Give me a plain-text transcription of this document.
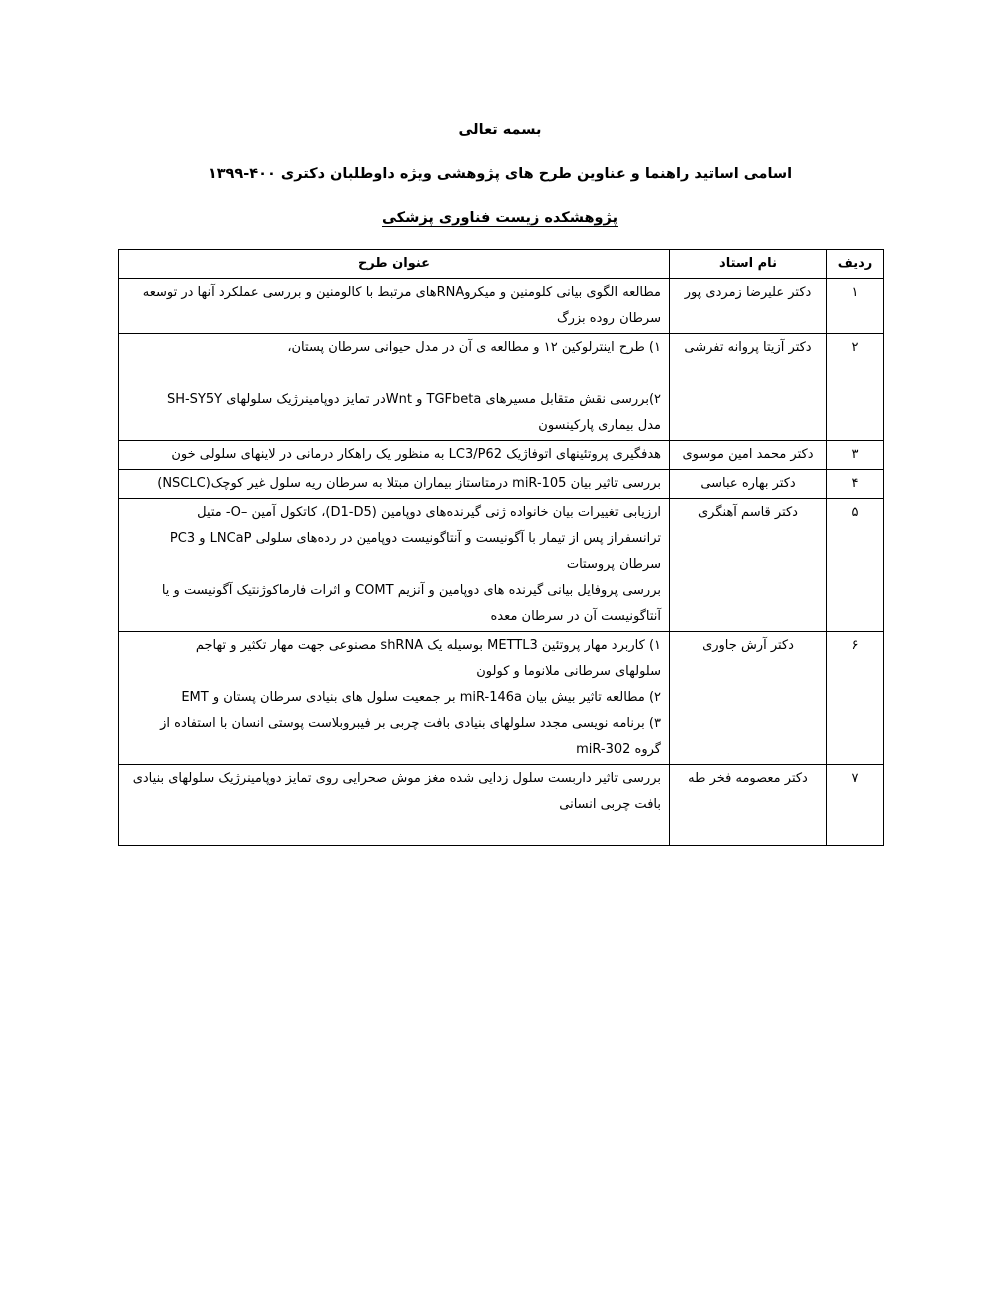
بسمه تعالی
اسامی اساتید راهنما و عناوین طرح های پژوهشی ویژه داوطلبان دکتری ۴۰۰-۱۳۹۹
پژوهشکده زیست فناوری پزشکی
ردیف	نام استاد	عنوان طرح
۱	دکتر علیرضا زمردی پور	مطالعه الگوی بیانی کلومنین و میکروRNAهای مرتبط با کالومنین و بررسی عملکرد آنها در توسعه
سرطان روده بزرگ

۲	دکتر آزیتا پروانه تفرشی	۱) طرح اینترلوکین ۱۲ و مطالعه ی آن در مدل حیوانی سرطان پستان،
۲)بررسی نقش متقابل مسیرهای TGFbeta و Wntدر تمایز دوپامینرژیک سلولهای SH-SY5Y
مدل بیماری پارکینسون

۳	دکتر محمد امین موسوی	هدفگیری پروتئینهای اتوفاژیک LC3/P62 به منظور یک راهکار درمانی در لاینهای سلولی خون

۴	دکتر بهاره عباسی	بررسی تاثیر بیان miR-105 درمتاستاز بیماران مبتلا به سرطان ریه سلول غیر کوچک(NSCLC)

۵	دکتر قاسم آهنگری	ارزیابی تغییرات بیان خانواده ژنی گیرنده‌های دوپامین (D1-D5)، کاتکول آمین –O- متیل
ترانسفراز پس از تیمار با آگونیست و آنتاگونیست دوپامین در رده‌های سلولی LNCaP و PC3
سرطان پروستات
بررسی پروفایل بیانی گیرنده های دوپامین و آنزیم COMT و اثرات فارماکوژنتیک آگونیست و یا
آنتاگونیست آن در سرطان معده

۶	دکتر آرش جاوری	۱) کاربرد مهار پروتئین METTL3 بوسیله یک shRNA مصنوعی جهت مهار تکثیر و تهاجم
سلولهای سرطانی ملانوما و کولون
۲) مطالعه تاثیر بیش بیان miR-146a بر جمعیت سلول های بنیادی سرطان پستان و EMT
۳) برنامه نویسی مجدد سلولهای بنیادی بافت چربی بر فیبروبلاست پوستی انسان با استفاده از
گروه miR-302

۷	دکتر معصومه فخر طه	بررسی تاثیر داربست سلول زدایی شده مغز موش صحرایی روی تمایز دوپامینرژیک سلولهای بنیادی
بافت چربی انسانی
